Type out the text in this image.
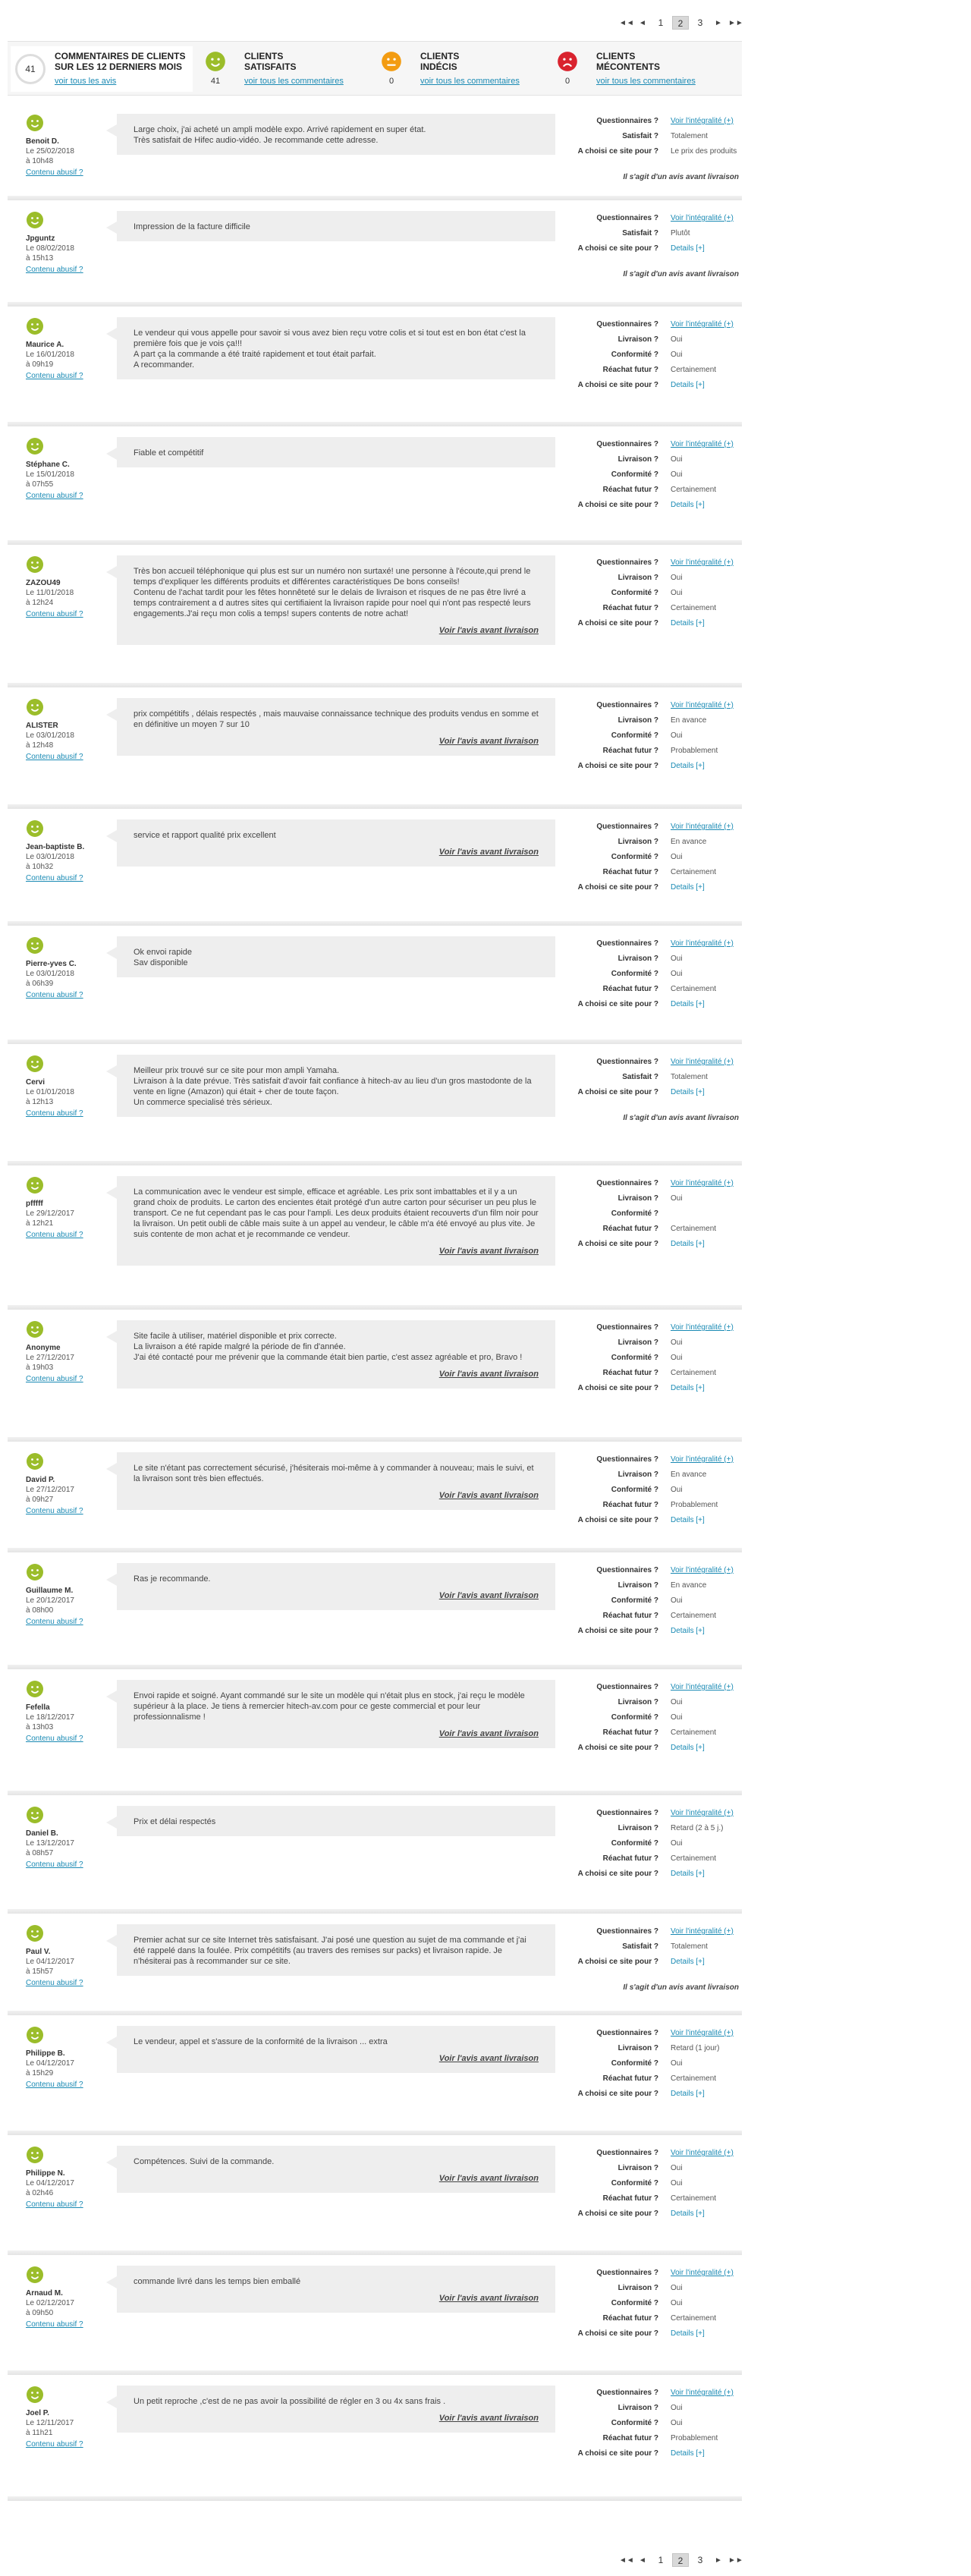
◄◄ ◄	1	2	3	► ►►
41
COMMENTAIRES DE CLIENTS SUR LES 12 DERNIERS MOIS
voir tous les avis	41
CLIENTS
SATISFAITS
voir tous les commentaires	0
CLIENTS
INDÉCIS
voir tous les commentaires	0
CLIENTS
MÉCONTENTS
voir tous les commentaires
Benoit D.
Le 25/02/2018
à 10h48
Contenu abusif ?
Large choix, j'ai acheté un ampli modèle expo. Arrivé rapidement en super état.
Très satisfait de Hifec audio-vidéo. Je recommande cette adresse.
Questionnaires ?	Voir l'intégralité (+)
Satisfait ?	Totalement
A choisi ce site pour ?	Le prix des produits
Il s'agit d'un avis avant livraison
Jpguntz
Le 08/02/2018
à 15h13
Contenu abusif ?
Impression de la facture difficile
Questionnaires ?	Voir l'intégralité (+)
Satisfait ?	Plutôt
A choisi ce site pour ?	Details [+]
Il s'agit d'un avis avant livraison
Maurice A.
Le 16/01/2018
à 09h19
Contenu abusif ?
Le vendeur qui vous appelle pour savoir si vous avez bien reçu votre colis et si tout est en bon état c'est la première fois que je vois ça!!!
A part ça la commande a été traité rapidement et tout était parfait.
A recommander.
Questionnaires ?	Voir l'intégralité (+)
Livraison ?	Oui
Conformité ?	Oui
Réachat futur ?	Certainement
A choisi ce site pour ?	Details [+]
Stéphane C.
Le 15/01/2018
à 07h55
Contenu abusif ?
Fiable et compétitif
Questionnaires ?	Voir l'intégralité (+)
Livraison ?	Oui
Conformité ?	Oui
Réachat futur ?	Certainement
A choisi ce site pour ?	Details [+]
ZAZOU49
Le 11/01/2018
à 12h24
Contenu abusif ?
Très bon accueil téléphonique qui plus est sur un numéro non surtaxé! une personne à l'écoute,qui prend le temps d'expliquer les différents produits et différentes caractéristiques De bons conseils!
Contenu de l'achat tardit pour les fêtes honnêteté sur le delais de livraison et risques de ne pas être livré a temps contrairement a d autres sites qui certifiaient la livraison rapide pour noel qui n'ont pas respecté leurs engagements.J'ai reçu mon colis a temps! supers contents de notre achat!
Voir l'avis avant livraison
Questionnaires ?	Voir l'intégralité (+)
Livraison ?	Oui
Conformité ?	Oui
Réachat futur ?	Certainement
A choisi ce site pour ?	Details [+]
ALISTER
Le 03/01/2018
à 12h48
Contenu abusif ?
prix compétitifs , délais respectés , mais mauvaise connaissance technique des produits vendus en somme et en définitive un moyen 7 sur 10
Voir l'avis avant livraison
Questionnaires ?	Voir l'intégralité (+)
Livraison ?	En avance
Conformité ?	Oui
Réachat futur ?	Probablement
A choisi ce site pour ?	Details [+]
Jean-baptiste B.
Le 03/01/2018
à 10h32
Contenu abusif ?
service et rapport qualité prix excellent
Voir l'avis avant livraison
Questionnaires ?	Voir l'intégralité (+)
Livraison ?	En avance
Conformité ?	Oui
Réachat futur ?	Certainement
A choisi ce site pour ?	Details [+]
Pierre-yves C.
Le 03/01/2018
à 06h39
Contenu abusif ?
Ok envoi rapide
Sav disponible
Questionnaires ?	Voir l'intégralité (+)
Livraison ?	Oui
Conformité ?	Oui
Réachat futur ?	Certainement
A choisi ce site pour ?	Details [+]
Cervi
Le 01/01/2018
à 12h13
Contenu abusif ?
Meilleur prix trouvé sur ce site pour mon ampli Yamaha.
Livraison à la date prévue. Très satisfait d'avoir fait confiance à hitech-av au lieu d'un gros mastodonte de la vente en ligne (Amazon) qui était + cher de toute façon.
Un commerce specialisé très sérieux.
Questionnaires ?	Voir l'intégralité (+)
Satisfait ?	Totalement
A choisi ce site pour ?	Details [+]
Il s'agit d'un avis avant livraison
pfffff
Le 29/12/2017
à 12h21
Contenu abusif ?
La communication avec le vendeur est simple, efficace et agréable. Les prix sont imbattables et il y a un grand choix de produits. Le carton des encientes était protégé d'un autre carton pour sécuriser un peu plus le transport. Ce ne fut cependant pas le cas pour l'ampli. Les deux produits étaient recouverts d'un film noir pour la livraison. Un petit oubli de câble mais suite à un appel au vendeur, le câble m'a été envoyé au plus vite. Je suis contente de mon achat et je recommande ce vendeur.
Voir l'avis avant livraison
Questionnaires ?	Voir l'intégralité (+)
Livraison ?	Oui
Conformité ?
Réachat futur ?	Certainement
A choisi ce site pour ?	Details [+]
Anonyme
Le 27/12/2017
à 19h03
Contenu abusif ?
Site facile à utiliser, matériel disponible et prix correcte.
La livraison a été rapide malgré la période de fin d'année.
J'ai été contacté pour me prévenir que la commande était bien partie, c'est assez agréable et pro, Bravo !
Voir l'avis avant livraison
Questionnaires ?	Voir l'intégralité (+)
Livraison ?	Oui
Conformité ?	Oui
Réachat futur ?	Certainement
A choisi ce site pour ?	Details [+]
David P.
Le 27/12/2017
à 09h27
Contenu abusif ?
Le site n'étant pas correctement sécurisé, j'hésiterais moi-même à y commander à nouveau; mais le suivi, et la livraison sont très bien effectués.
Voir l'avis avant livraison
Questionnaires ?	Voir l'intégralité (+)
Livraison ?	En avance
Conformité ?	Oui
Réachat futur ?	Probablement
A choisi ce site pour ?	Details [+]
Guillaume M.
Le 20/12/2017
à 08h00
Contenu abusif ?
Ras je recommande.
Voir l'avis avant livraison
Questionnaires ?	Voir l'intégralité (+)
Livraison ?	En avance
Conformité ?	Oui
Réachat futur ?	Certainement
A choisi ce site pour ?	Details [+]
Fefella
Le 18/12/2017
à 13h03
Contenu abusif ?
Envoi rapide et soigné. Ayant commandé sur le site un modèle qui n'était plus en stock, j'ai reçu le modèle supérieur à la place. Je tiens à remercier hitech-av.com pour ce geste commercial et pour leur professionnalisme !
Voir l'avis avant livraison
Questionnaires ?	Voir l'intégralité (+)
Livraison ?	Oui
Conformité ?	Oui
Réachat futur ?	Certainement
A choisi ce site pour ?	Details [+]
Daniel B.
Le 13/12/2017
à 08h57
Contenu abusif ?
Prix et délai respectés
Questionnaires ?	Voir l'intégralité (+)
Livraison ?	Retard (2 à 5 j.)
Conformité ?	Oui
Réachat futur ?	Certainement
A choisi ce site pour ?	Details [+]
Paul V.
Le 04/12/2017
à 15h57
Contenu abusif ?
Premier achat sur ce site Internet très satisfaisant. J'ai posé une question au sujet de ma commande et j'ai été rappelé dans la foulée. Prix compétitifs (au travers des remises sur packs) et livraison rapide. Je n'hésiterai pas à recommander sur ce site.
Questionnaires ?	Voir l'intégralité (+)
Satisfait ?	Totalement
A choisi ce site pour ?	Details [+]
Il s'agit d'un avis avant livraison
Philippe B.
Le 04/12/2017
à 15h29
Contenu abusif ?
Le vendeur, appel et s'assure de la conformité de la livraison ... extra
Voir l'avis avant livraison
Questionnaires ?	Voir l'intégralité (+)
Livraison ?	Retard (1 jour)
Conformité ?	Oui
Réachat futur ?	Certainement
A choisi ce site pour ?	Details [+]
Philippe N.
Le 04/12/2017
à 02h46
Contenu abusif ?
Compétences. Suivi de la commande.
Voir l'avis avant livraison
Questionnaires ?	Voir l'intégralité (+)
Livraison ?	Oui
Conformité ?	Oui
Réachat futur ?	Certainement
A choisi ce site pour ?	Details [+]
Arnaud M.
Le 02/12/2017
à 09h50
Contenu abusif ?
commande livré dans les temps bien emballé
Voir l'avis avant livraison
Questionnaires ?	Voir l'intégralité (+)
Livraison ?	Oui
Conformité ?	Oui
Réachat futur ?	Certainement
A choisi ce site pour ?	Details [+]
Joel P.
Le 12/11/2017
à 11h21
Contenu abusif ?
Un petit reproche ,c'est de ne pas avoir la possibilité de régler en 3 ou 4x sans frais .
Voir l'avis avant livraison
Questionnaires ?	Voir l'intégralité (+)
Livraison ?	Oui
Conformité ?	Oui
Réachat futur ?	Probablement
A choisi ce site pour ?	Details [+]
◄◄ ◄	1	2	3	► ►►
